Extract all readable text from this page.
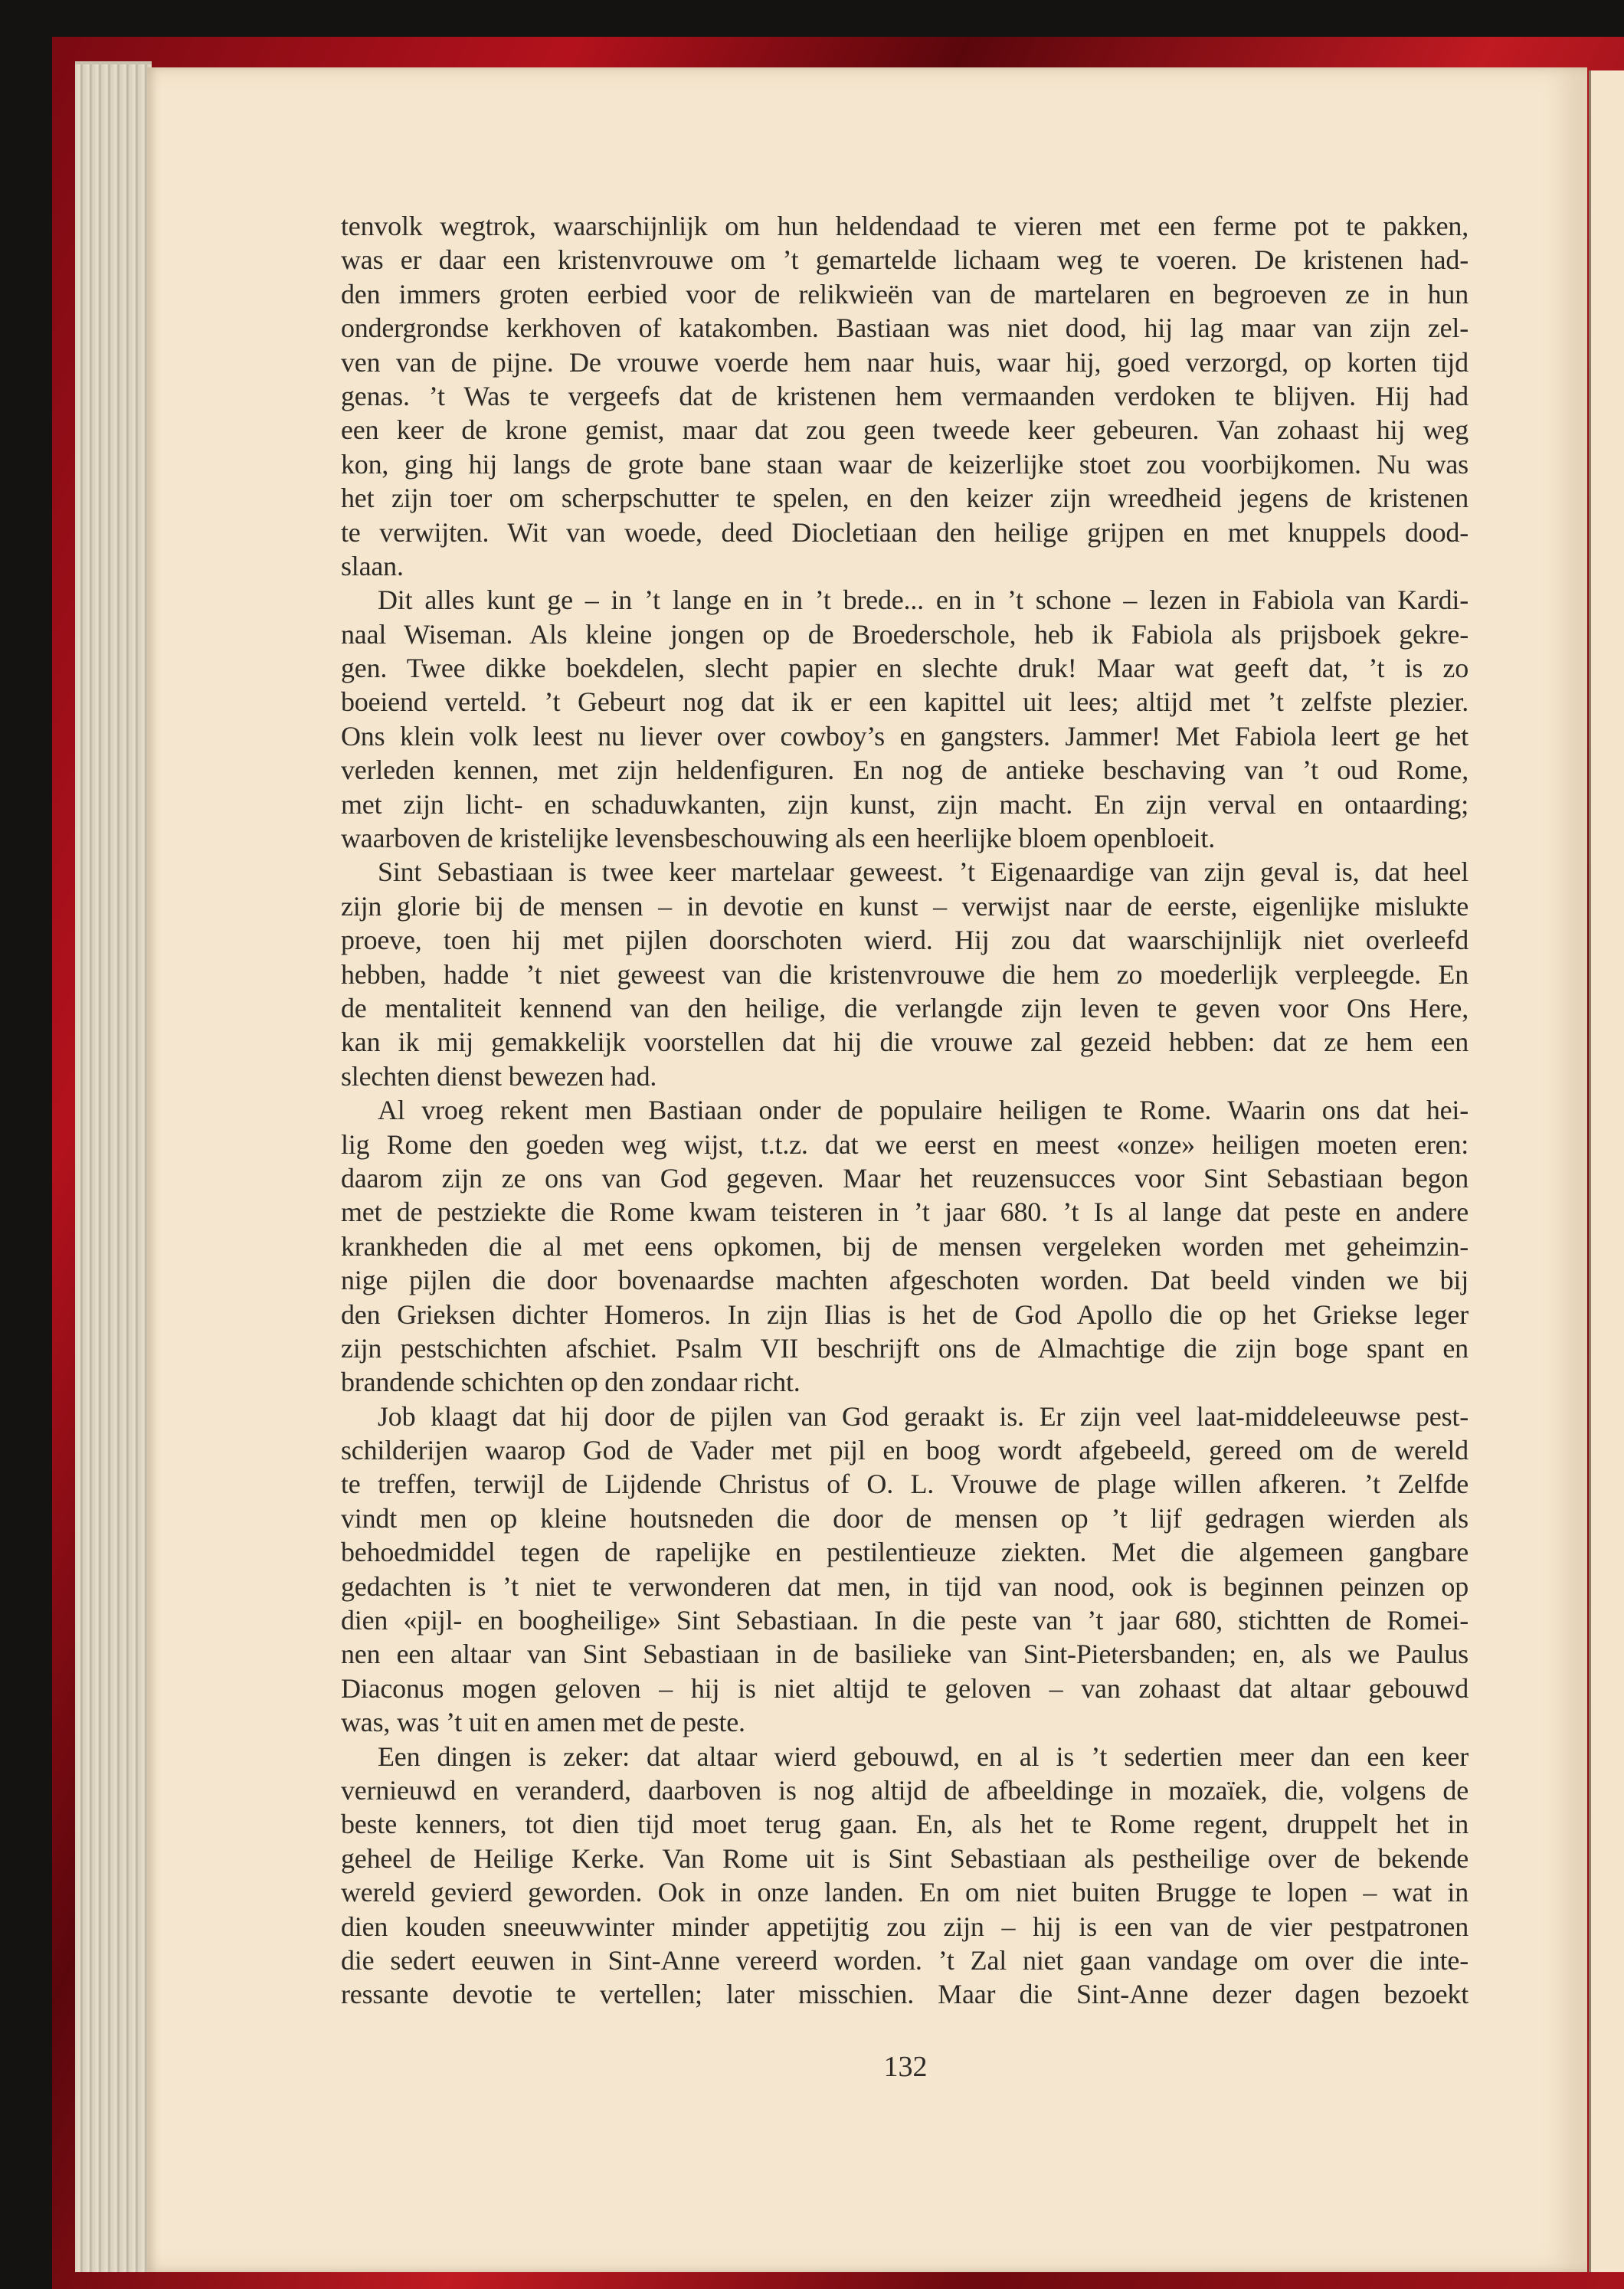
tenvolk wegtrok, waarschijnlijk om hun heldendaad te vieren met een ferme pot te pakken,
was er daar een kristenvrouwe om ’t gemartelde lichaam weg te voeren. De kristenen had-
den immers groten eerbied voor de relikwieën van de martelaren en begroeven ze in hun
ondergrondse kerkhoven of katakomben. Bastiaan was niet dood, hij lag maar van zijn zel-
ven van de pijne. De vrouwe voerde hem naar huis, waar hij, goed verzorgd, op korten tijd
genas. ’t Was te vergeefs dat de kristenen hem vermaanden verdoken te blijven. Hij had
een keer de krone gemist, maar dat zou geen tweede keer gebeuren. Van zohaast hij weg
kon, ging hij langs de grote bane staan waar de keizerlijke stoet zou voorbijkomen. Nu was
het zijn toer om scherpschutter te spelen, en den keizer zijn wreedheid jegens de kristenen
te verwijten. Wit van woede, deed Diocletiaan den heilige grijpen en met knuppels dood-
slaan.
Dit alles kunt ge – in ’t lange en in ’t brede... en in ’t schone – lezen in Fabiola van Kardi-
naal Wiseman. Als kleine jongen op de Broederschole, heb ik Fabiola als prijsboek gekre-
gen. Twee dikke boekdelen, slecht papier en slechte druk! Maar wat geeft dat, ’t is zo
boeiend verteld. ’t Gebeurt nog dat ik er een kapittel uit lees; altijd met ’t zelfste plezier.
Ons klein volk leest nu liever over cowboy’s en gangsters. Jammer! Met Fabiola leert ge het
verleden kennen, met zijn heldenfiguren. En nog de antieke beschaving van ’t oud Rome,
met zijn licht- en schaduwkanten, zijn kunst, zijn macht. En zijn verval en ontaarding;
waarboven de kristelijke levensbeschouwing als een heerlijke bloem openbloeit.
Sint Sebastiaan is twee keer martelaar geweest. ’t Eigenaardige van zijn geval is, dat heel
zijn glorie bij de mensen – in devotie en kunst – verwijst naar de eerste, eigenlijke mislukte
proeve, toen hij met pijlen doorschoten wierd. Hij zou dat waarschijnlijk niet overleefd
hebben, hadde ’t niet geweest van die kristenvrouwe die hem zo moederlijk verpleegde. En
de mentaliteit kennend van den heilige, die verlangde zijn leven te geven voor Ons Here,
kan ik mij gemakkelijk voorstellen dat hij die vrouwe zal gezeid hebben: dat ze hem een
slechten dienst bewezen had.
Al vroeg rekent men Bastiaan onder de populaire heiligen te Rome. Waarin ons dat hei-
lig Rome den goeden weg wijst, t.t.z. dat we eerst en meest «onze» heiligen moeten eren:
daarom zijn ze ons van God gegeven. Maar het reuzensucces voor Sint Sebastiaan begon
met de pestziekte die Rome kwam teisteren in ’t jaar 680. ’t Is al lange dat peste en andere
krankheden die al met eens opkomen, bij de mensen vergeleken worden met geheimzin-
nige pijlen die door bovenaardse machten afgeschoten worden. Dat beeld vinden we bij
den Grieksen dichter Homeros. In zijn Ilias is het de God Apollo die op het Griekse leger
zijn pestschichten afschiet. Psalm VII beschrijft ons de Almachtige die zijn boge spant en
brandende schichten op den zondaar richt.
Job klaagt dat hij door de pijlen van God geraakt is. Er zijn veel laat-middeleeuwse pest-
schilderijen waarop God de Vader met pijl en boog wordt afgebeeld, gereed om de wereld
te treffen, terwijl de Lijdende Christus of O. L. Vrouwe de plage willen afkeren. ’t Zelfde
vindt men op kleine houtsneden die door de mensen op ’t lijf gedragen wierden als
behoedmiddel tegen de rapelijke en pestilentieuze ziekten. Met die algemeen gangbare
gedachten is ’t niet te verwonderen dat men, in tijd van nood, ook is beginnen peinzen op
dien «pijl- en boogheilige» Sint Sebastiaan. In die peste van ’t jaar 680, stichtten de Romei-
nen een altaar van Sint Sebastiaan in de basilieke van Sint-Pietersbanden; en, als we Paulus
Diaconus mogen geloven – hij is niet altijd te geloven – van zohaast dat altaar gebouwd
was, was ’t uit en amen met de peste.
Een dingen is zeker: dat altaar wierd gebouwd, en al is ’t sedertien meer dan een keer
vernieuwd en veranderd, daarboven is nog altijd de afbeeldinge in mozaïek, die, volgens de
beste kenners, tot dien tijd moet terug gaan. En, als het te Rome regent, druppelt het in
geheel de Heilige Kerke. Van Rome uit is Sint Sebastiaan als pestheilige over de bekende
wereld gevierd geworden. Ook in onze landen. En om niet buiten Brugge te lopen – wat in
dien kouden sneeuwwinter minder appetijtig zou zijn – hij is een van de vier pestpatronen
die sedert eeuwen in Sint-Anne vereerd worden. ’t Zal niet gaan vandage om over die inte-
ressante devotie te vertellen; later misschien. Maar die Sint-Anne dezer dagen bezoekt
132
